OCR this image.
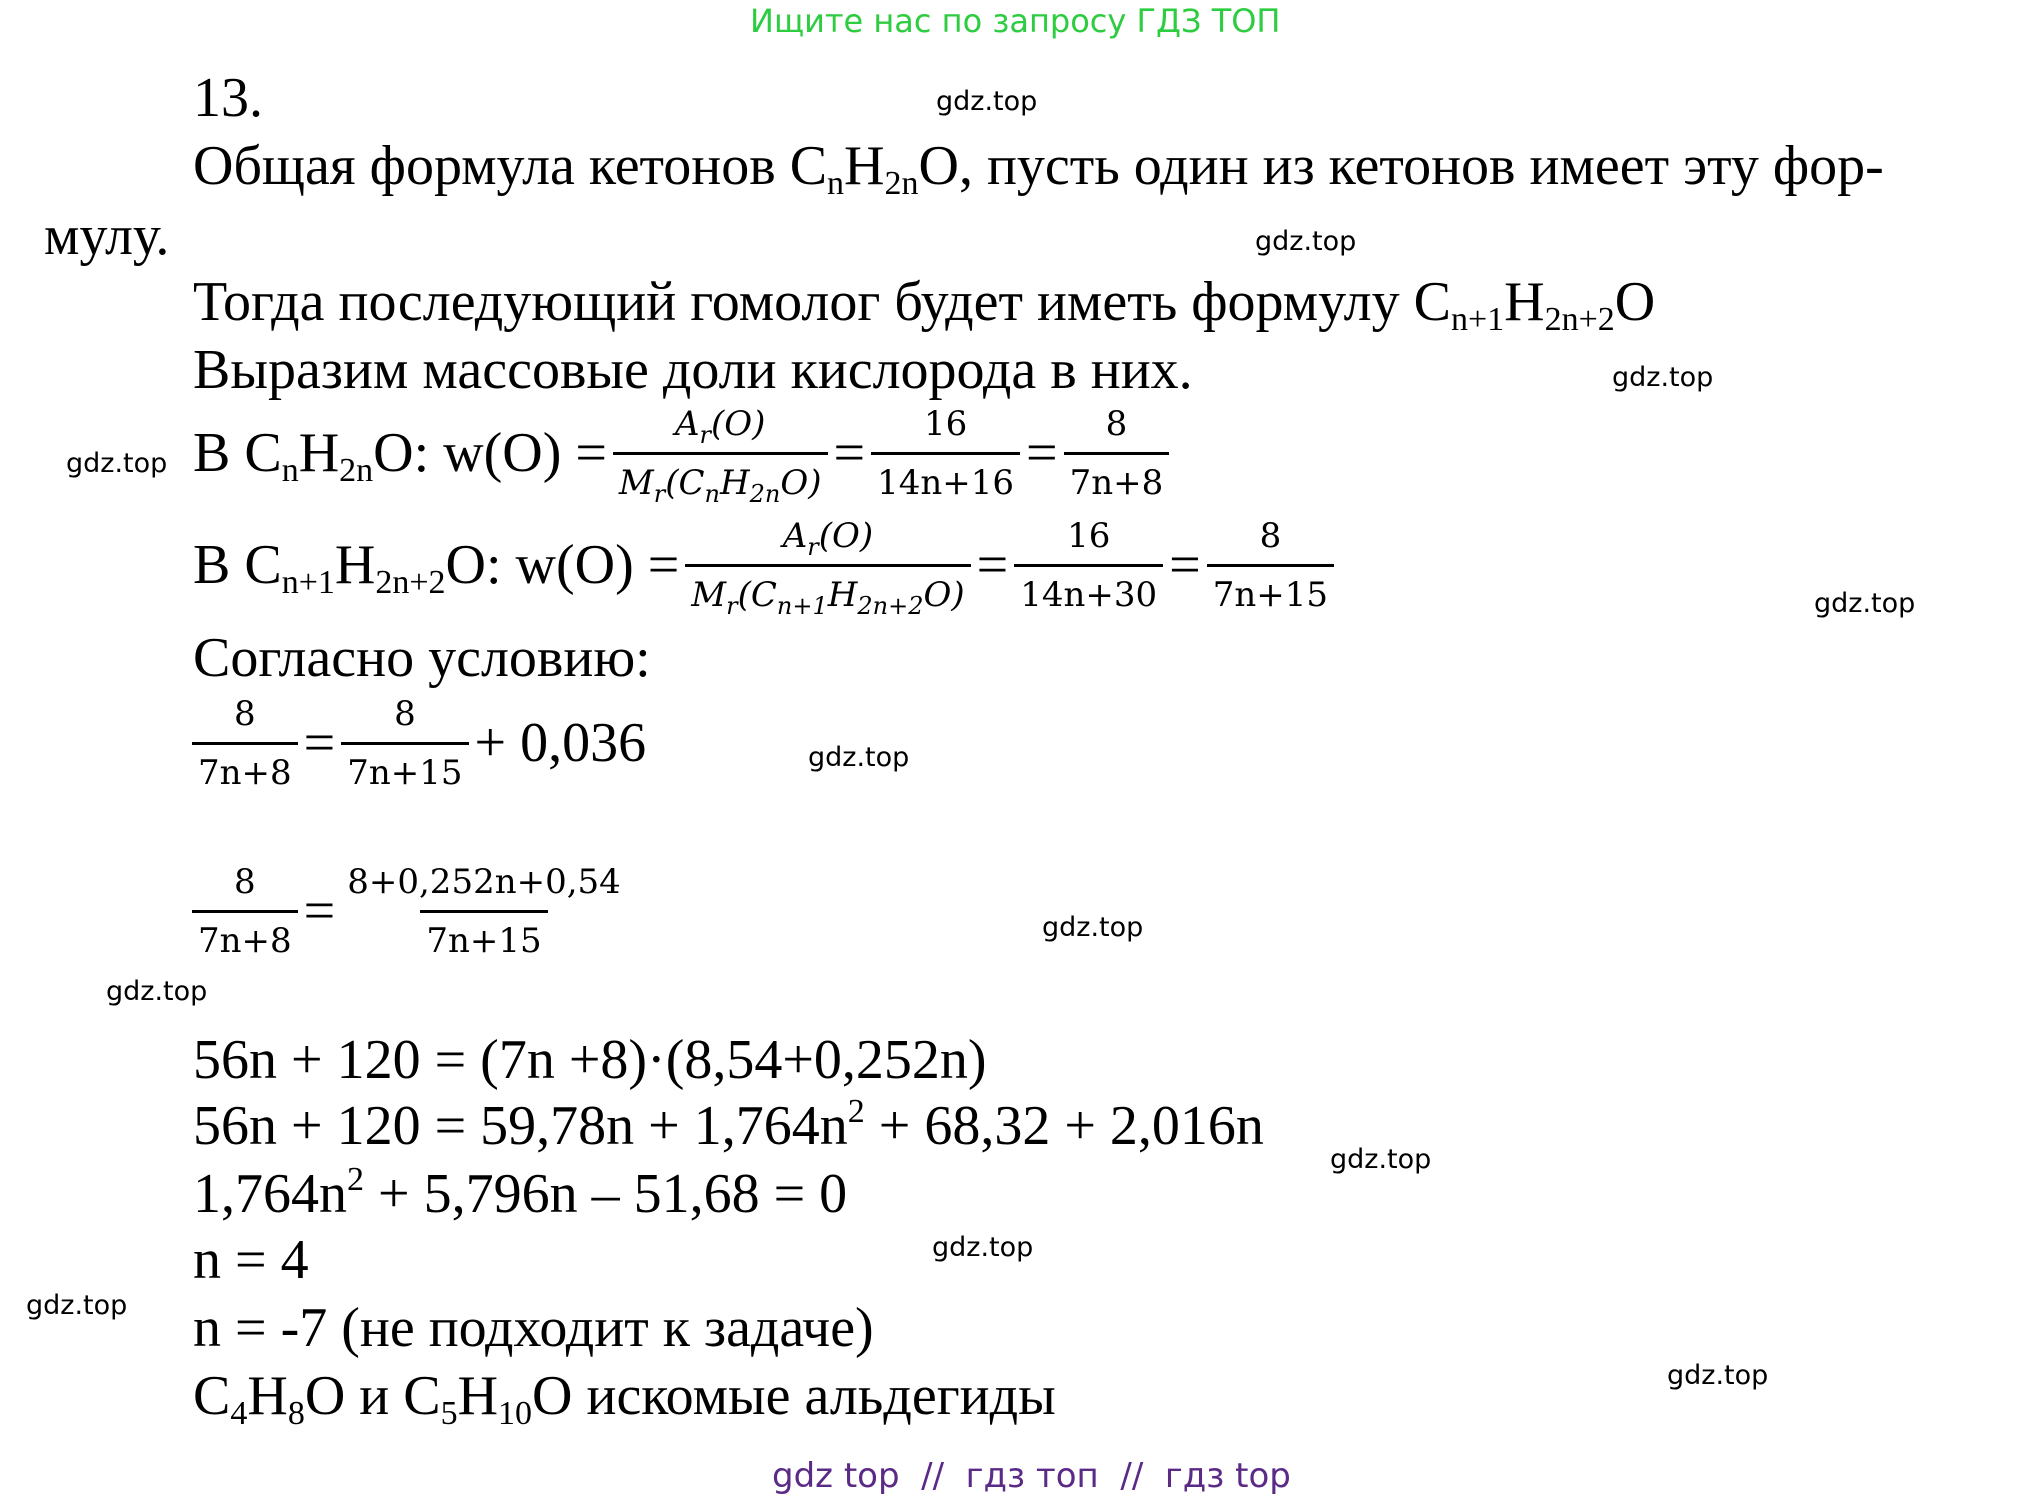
Ищите нас по запросу ГДЗ ТОП
gdz.top
gdz.top
gdz.top
gdz.top
gdz.top
gdz.top
gdz.top
gdz.top
gdz.top
gdz.top
gdz.top
gdz.top
13.
Общая формула кетонов CnH2nO, пусть один из кетонов имеет эту фор-
мулу.
Тогда последующий гомолог будет иметь формулу Cn+1H2n+2O
Выразим массовые доли кислорода в них.
В CnH2nO: $w(O) = \frac{A_r(O)}{M_r(C_nH_{2n}O)} = \frac{16}{14n+16} = \frac{8}{7n+8}$
В Cn+1H2n+2O: $w(O) = \frac{A_r(O)}{M_r(C_{n+1}H_{2n+2}O)} = \frac{16}{14n+30} = \frac{8}{7n+15}$
Согласно условию:
$\frac{8}{7n+8} = \frac{8}{7n+15} + 0,036$
$\frac{8}{7n+8} = \frac{8+0,252n+0,54}{7n+15}$
56n + 120 = (7n +8)·(8,54+0,252n)
$56n + 120 = 59,78n + 1,764n^2 + 68,32 + 2,016n$
$1,764n^2 + 5,796n - 51,68 = 0$
n = 4
n = -7 (не подходит к задаче)
C4H8O и C5H10O искомые альдегиды
gdz top  //  гдз топ  //  гдз top
